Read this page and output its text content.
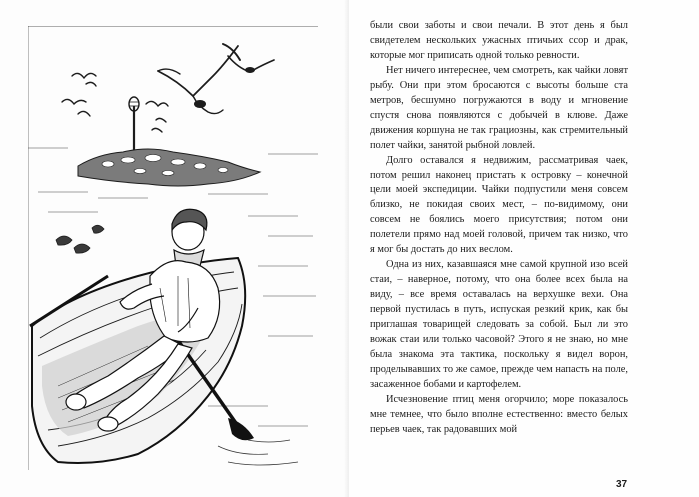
были свои заботы и свои печали. В этот день я был свидетелем нескольких ужасных птичьих ссор и драк, которые мог приписать одной только ревности.

Нет ничего интереснее, чем смотреть, как чайки ловят рыбу. Они при этом бросаются с высоты больше ста метров, бесшумно погружаются в воду и мгновение спустя снова появляются с добычей в клюве. Даже движения коршуна не так грациозны, как стремительный полет чайки, занятой рыбной ловлей.

Долго оставался я недвижим, рассматривая чаек, потом решил наконец пристать к островку – конечной цели моей экспедиции. Чайки подпустили меня совсем близко, не покидая своих мест, – по-видимому, они совсем не боялись моего присутствия; потом они полетели прямо над моей головой, причем так низко, что я мог бы достать до них веслом.

Одна из них, казавшаяся мне самой крупной изо всей стаи, – наверное, потому, что она более всех была на виду, – все время оставалась на верхушке вехи. Она первой пустилась в путь, испуская резкий крик, как бы приглашая товарищей следовать за собой. Был ли это вожак стаи или только часовой? Этого я не знаю, но мне была знакома эта тактика, поскольку я видел ворон, проделывавших то же самое, прежде чем напасть на поле, засаженное бобами и картофелем.

Исчезновение птиц меня огорчило; море показалось мне темнее, что было вполне естественно: вместо белых перьев чаек, так радовавших мой

37
